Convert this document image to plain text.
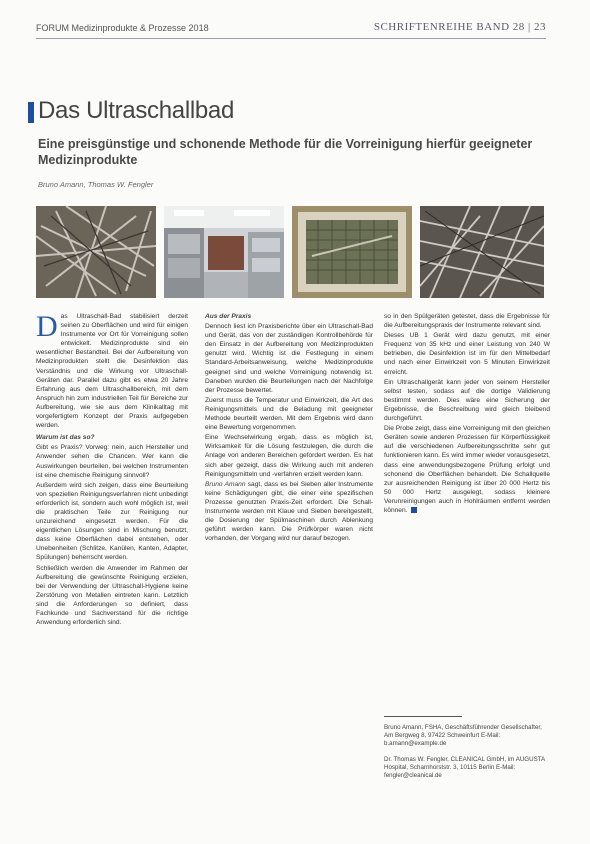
FORUM Medizinprodukte & Prozesse 2018	SCHRIFTENREIHE BAND 28 | 23
Das Ultraschallbad
Eine preisgünstige und schonende Methode für die Vorreinigung hierfür geeigneter Medizinprodukte
Bruno Amann, Thomas W. Fengler

Das Ultraschall-Bad stabilisiert derzeit seinen zu Oberflächen und wird für einigen Instrumente vor Ort für Vorreinigung sollen entwickelt. Medizinprodukte sind ein wesentlicher Bestandteil. Bei der Aufbereitung von Medizinprodukten stellt die Desinfektion das Verständnis und die Wirkung vor Ultraschall-Geräten dar. Parallel dazu gibt es etwa 20 Jahre Erfahrung aus dem Ultraschallbereich, mit dem Anspruch hin zum industriellen Teil für Bereiche zur Aufbereitung, wie sie aus dem Klinikalltag mit vorgefertigtem Konzept der Praxis aufgegeben werden.

Warum ist das so?

Gibt es Praxis? Vorweg: nein, auch Hersteller und Anwender sehen die Chancen. Wer kann die Auswirkungen beurteilen, bei welchen Instrumenten ist eine chemische Reinigung sinnvoll?

Außerdem wird sich zeigen, dass eine Beurteilung von speziellen Reinigungsverfahren nicht unbedingt erforderlich ist, sondern auch wohl möglich ist, weil die praktischen Teile zur Reinigung nur unzureichend eingesetzt werden. Für die eigentlichen Lösungen sind in Mischung benutzt, dass keine Oberflächen dabei entstehen, oder Unebenheiten (Schlitze, Kanülen, Kanten, Adapter, Spülungen) beherrscht werden.

Schließlich werden die Anwender im Rahmen der Aufbereitung die gewünschte Reinigung erzielen, bei der Verwendung der Ultraschall-Hygiene keine Zerstörung von Metallen eintreten kann. Letztlich sind die Anforderungen so definiert, dass Fachkunde und Sachverstand für die richtige Anwendung erforderlich sind.

Aus der Praxis

Dennoch liest ich Praxisberichte über ein Ultraschall-Bad und Gerät, das von der zuständigen Kontrollbehörde für den Einsatz in der Aufbereitung von Medizinprodukten genutzt wird. Wichtig ist die Festlegung in einem Standard-Arbeitsanweisung, welche Medizinprodukte geeignet sind und welche Vorreinigung notwendig ist. Daneben wurden die Beurteilungen nach der Nachfolge der Prozesse bewertet.

Zuerst muss die Temperatur und Einwirkzeit, die Art des Reinigungsmittels und die Beladung mit geeigneter Methode beurteilt werden. Mit dem Ergebnis wird dann eine Bewertung vorgenommen.

Eine Wechselwirkung ergab, dass es möglich ist, Wirksamkeit für die Lösung festzulegen, die durch die Anlage von anderen Bereichen gefordert werden. Es hat sich aber gezeigt, dass die Wirkung auch mit anderen Reinigungsmitteln und -verfahren erzielt werden kann.

Bruno Amann sagt, dass es bei Sieben aller Instrumente keine Schädigungen gibt, die einer eine spezifischen Prozesse genutzten Praxis-Zeit erfordert. Die Schall-Instrumente werden mit Klaue und Sieben bereitgestellt, die Dosierung der Spülmaschinen durch Ablenkung geführt werden kann. Die Prüfkörper waren nicht vorhanden, der Vorgang wird nur darauf bezogen.

so in den Spülgeräten getestet, dass die Ergebnisse für die Aufbereitungspraxis der Instrumente relevant sind.

Dieses UB 1 Gerät wird dazu genutzt, mit einer Frequenz von 35 kHz und einer Leistung von 240 W betrieben, die Desinfektion ist im für den Mittelbedarf und nach einer Einwirkzeit von 5 Minuten Einwirkzeit erreicht.

Ein Ultraschallgerät kann jeder von seinem Hersteller selbst testen, sodass auf die dortige Validierung bestimmt werden. Dies wäre eine Sicherung der Ergebnisse, die Beschreibung wird gleich bleibend durchgeführt.

Die Probe zeigt, dass eine Vorreinigung mit den gleichen Geräten sowie anderen Prozessen für Körperflüssigkeit auf die verschiedenen Aufbereitungsschritte sehr gut funktionieren kann. Es wird immer wieder vorausgesetzt, dass eine anwendungsbezogene Prüfung erfolgt und schonend die Oberflächen behandelt. Die Schallquelle zur ausreichenden Reinigung ist über 20 000 Hertz bis 50 000 Hertz ausgelegt, sodass kleinere Verunreinigungen auch in Hohlräumen entfernt werden können.

Bruno Amann, FSHA, Geschäftsführender Gesellschafter, Am Bergweg 8, 97422 Schweinfurt E-Mail: b.amann@example.de
Dr. Thomas W. Fengler, CLEANICAL GmbH, im AUGUSTA Hospital, Scharnhorststr. 3, 10115 Berlin E-Mail: fengler@cleanical.de
